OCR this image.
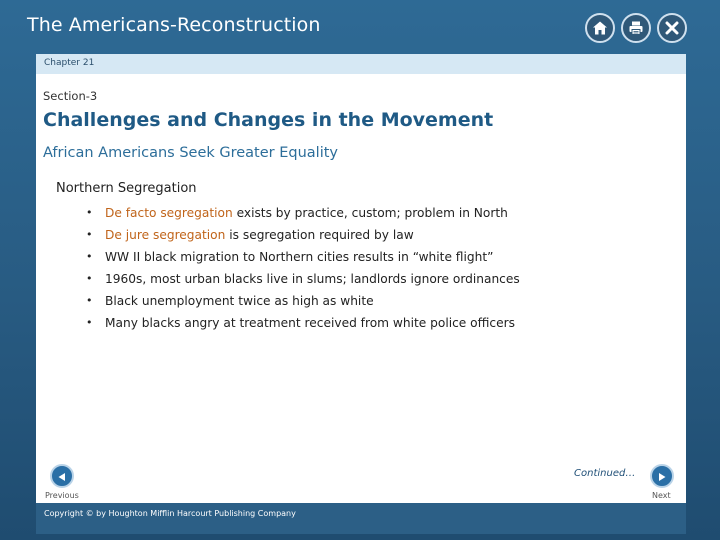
The Americans-Reconstruction
Chapter 21
Section-3
Challenges and Changes in the Movement
African Americans Seek Greater Equality
Northern Segregation
• De facto segregation exists by practice, custom; problem in North
• De jure segregation is segregation required by law
• WW II black migration to Northern cities results in “white flight”
• 1960s, most urban blacks live in slums; landlords ignore ordinances
• Black unemployment twice as high as white
• Many blacks angry at treatment received from white police officers
Continued…
Previous	Next
Copyright © by Houghton Mifflin Harcourt Publishing Company
